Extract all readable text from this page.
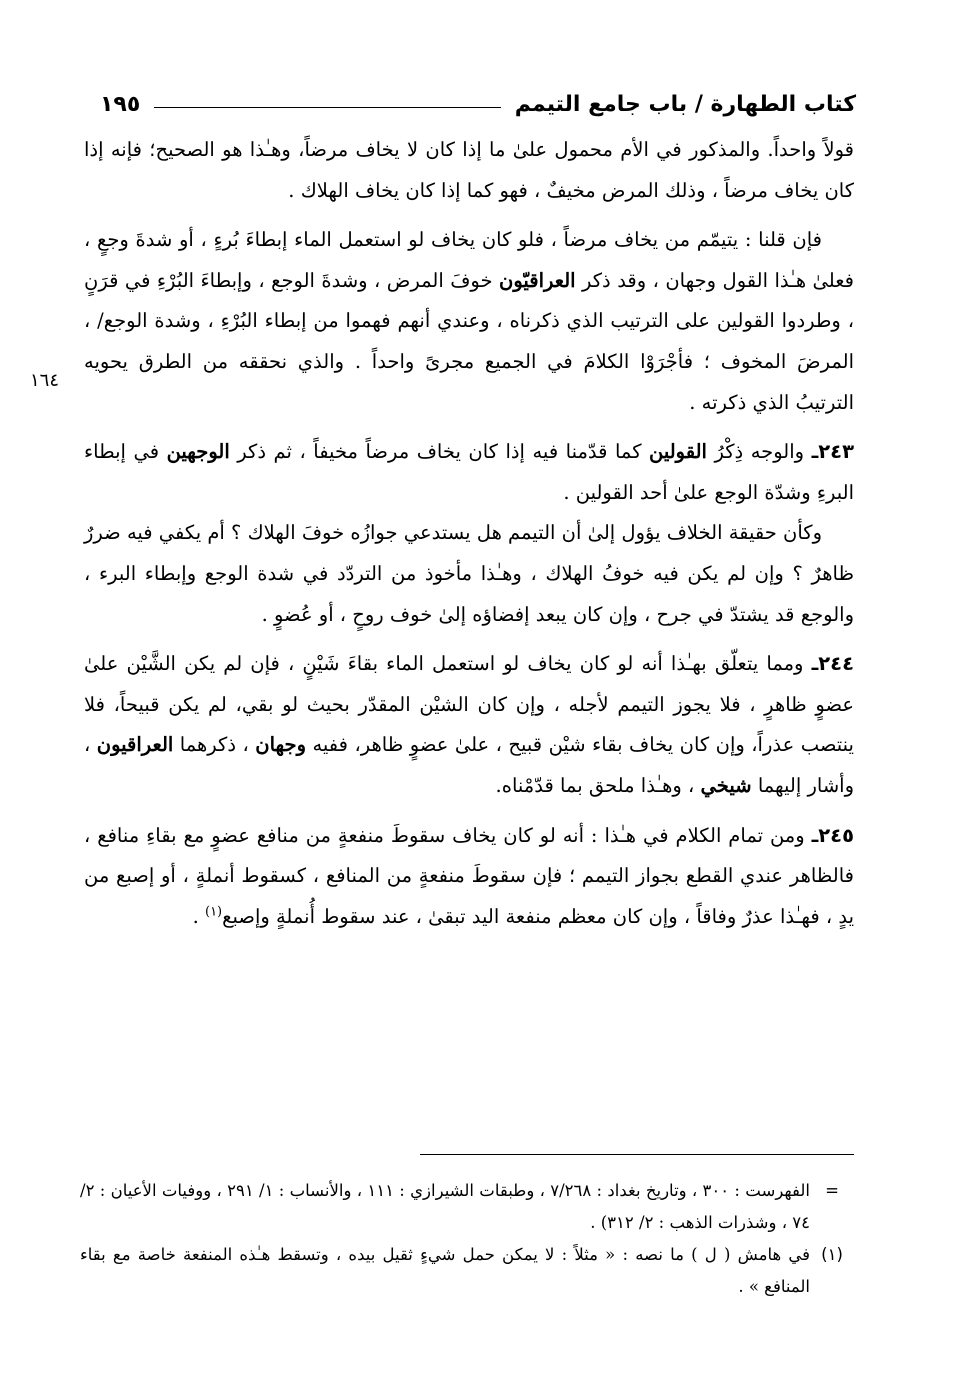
كتاب الطهارة / باب جامع التيمم
١٩٥
١٦٤

قولاً واحداً. والمذكور في الأم محمول علىٰ ما إذا كان لا يخاف مرضاً، وهـٰذا هو الصحيح؛ فإنه إذا كان يخاف مرضاً ، وذلك المرض مخيفٌ ، فهو كما إذا كان يخاف الهلاك .

فإن قلنا : يتيمّم من يخاف مرضاً ، فلو كان يخاف لو استعمل الماء إبطاءَ بُرءٍ ، أو شدةَ وجعٍ ، فعلىٰ هـٰذا القول وجهان ، وقد ذكر العراقيّون خوفَ المرض ، وشدةَ الوجع ، وإبطاءَ البُرْءِ في قرَنٍ ، وطردوا القولين على الترتيب الذي ذكرناه ، وعندي أنهم فهموا من إبطاء البُرْءِ ، وشدة الوجع/ ، المرضَ المخوف ؛ فأجْرَوْا الكلامَ في الجميع مجرىً واحداً . والذي نحققه من الطرق يحويه الترتيبُ الذي ذكرته .

٢٤٣ـ والوجه ذِكْرُ القولين كما قدّمنا فيه إذا كان يخاف مرضاً مخيفاً ، ثم ذكر الوجهين في إبطاء البرءِ وشدّة الوجع علىٰ أحد القولين .

وكأن حقيقة الخلاف يؤول إلىٰ أن التيمم هل يستدعي جوازُه خوفَ الهلاك ؟ أم يكفي فيه ضررٌ ظاهرٌ ؟ وإن لم يكن فيه خوفُ الهلاك ، وهـٰذا مأخوذ من التردّد في شدة الوجع وإبطاء البرء ، والوجع قد يشتدّ في جرح ، وإن كان يبعد إفضاؤه إلىٰ خوف روحٍ ، أو عُضوٍ .

٢٤٤ـ ومما يتعلّق بهـٰذا أنه لو كان يخاف لو استعمل الماء بقاءَ شَيْنٍ ، فإن لم يكن الشَّيْن علىٰ عضوٍ ظاهرٍ ، فلا يجوز التيمم لأجله ، وإن كان الشيْن المقدّر بحيث لو بقي، لم يكن قبيحاً، فلا ينتصب عذراً، وإن كان يخاف بقاء شيْن قبيح ، علىٰ عضوٍ ظاهر، ففيه وجهان ، ذكرهما العراقيون ، وأشار إليهما شيخي ، وهـٰذا ملحق بما قدّمْناه.

٢٤٥ـ ومن تمام الكلام في هـٰذا : أنه لو كان يخاف سقوطَ منفعةٍ من منافع عضوٍ مع بقاءِ منافع ، فالظاهر عندي القطع بجواز التيمم ؛ فإن سقوطَ منفعةٍ من المنافع ، كسقوط أنملةٍ ، أو إصبع من يدٍ ، فهـٰذا عذرٌ وفاقاً ، وإن كان معظم منفعة اليد تبقىٰ ، عند سقوط أُنملةٍ وإصبع$^{(١)}$ .

=
الفهرست : ٣٠٠ ، وتاريخ بغداد : ٧/٢٦٨ ، وطبقات الشيرازي : ١١١ ، والأنساب : ١/ ٢٩١ ، ووفيات الأعيان : ٢/ ٧٤ ، وشذرات الذهب : ٢/ ٣١٢) .

(١)
في هامش ( ل ) ما نصه : « مثلاً : لا يمكن حمل شيءٍ ثقيل بيده ، وتسقط هـٰذه المنفعة خاصة مع بقاء المنافع » .
